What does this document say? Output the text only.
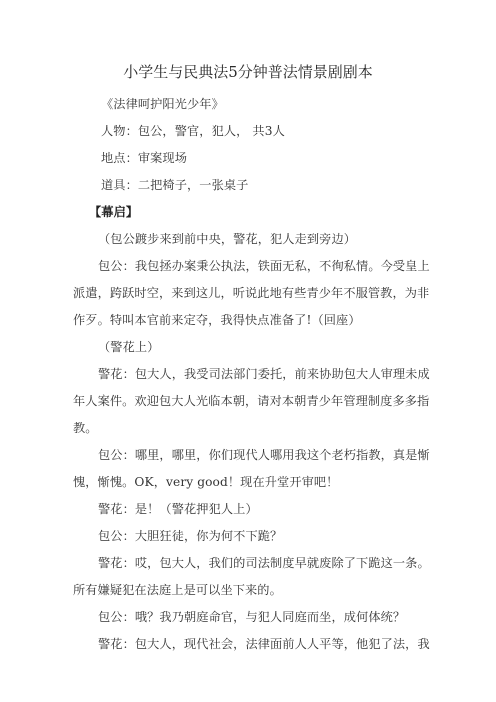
小学生与民典法5分钟普法情景剧剧本
《法律呵护阳光少年》
人物：包公，警官，犯人， 共3人
地点：审案现场
道具：二把椅子，一张桌子
【幕启】
（包公踱步来到前中央，警花，犯人走到旁边）
包公：我包拯办案秉公执法，铁面无私，不徇私情。今受皇上
派遣，跨跃时空，来到这儿，听说此地有些青少年不服管教，为非
作歹。特叫本官前来定夺，我得快点准备了!（回座）
（警花上）
警花：包大人，我受司法部门委托，前来协助包大人审理未成
年人案件。欢迎包大人光临本朝，请对本朝青少年管理制度多多指
教。
包公：哪里，哪里，你们现代人哪用我这个老朽指教，真是惭
愧，惭愧。OK，very good！现在升堂开审吧！
警花：是！（警花押犯人上）
包公：大胆狂徒，你为何不下跪？
警花：哎，包大人，我们的司法制度早就废除了下跪这一条。
所有嫌疑犯在法庭上是可以坐下来的。
包公：哦？我乃朝庭命官，与犯人同庭而坐，成何体统？
警花：包大人，现代社会，法律面前人人平等，他犯了法，我
